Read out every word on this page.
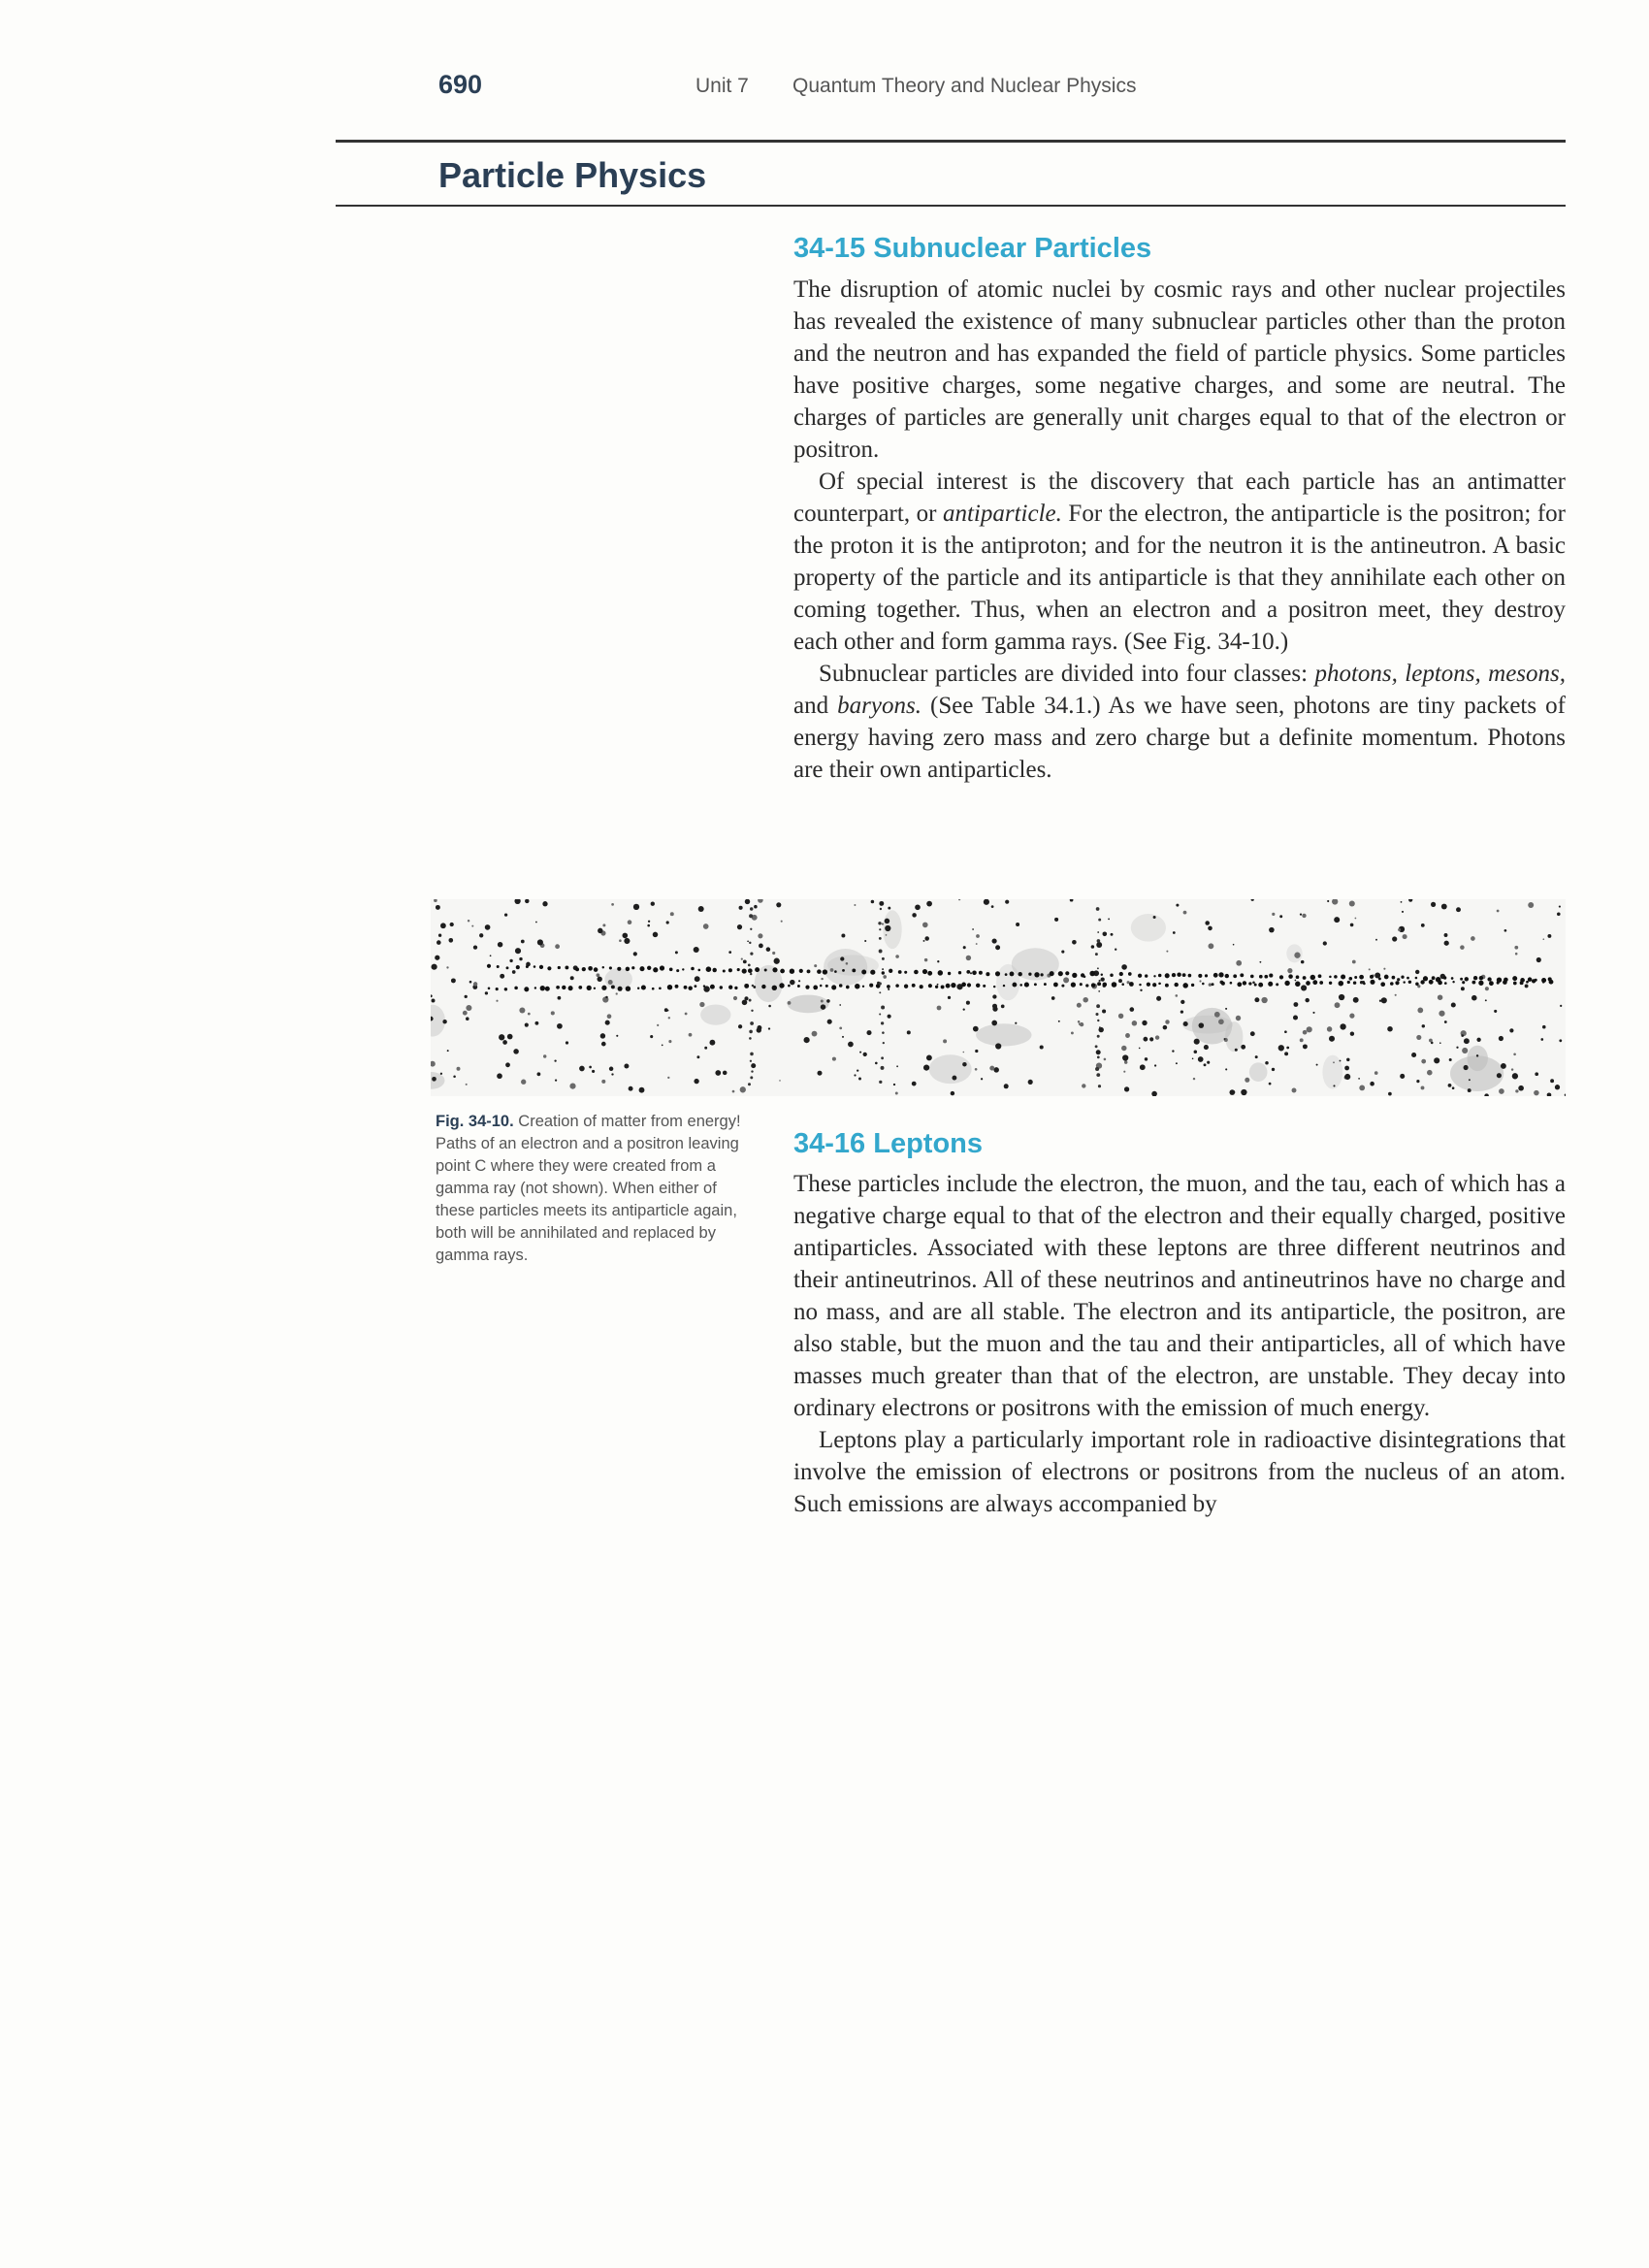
690	Unit 7 Quantum Theory and Nuclear Physics
Particle Physics
34-15 Subnuclear Particles

The disruption of atomic nuclei by cosmic rays and other nuclear projectiles has revealed the existence of many subnuclear particles other than the proton and the neutron and has expanded the field of particle physics. Some particles have positive charges, some negative charges, and some are neutral. The charges of particles are generally unit charges equal to that of the electron or positron.

Of special interest is the discovery that each particle has an antimatter counterpart, or antiparticle. For the electron, the antiparticle is the positron; for the proton it is the antiproton; and for the neutron it is the antineutron. A basic property of the particle and its antiparticle is that they annihilate each other on coming together. Thus, when an electron and a positron meet, they destroy each other and form gamma rays. (See Fig. 34-10.)

Subnuclear particles are divided into four classes: photons, leptons, mesons, and baryons. (See Table 34.1.) As we have seen, photons are tiny packets of energy having zero mass and zero charge but a definite momentum. Photons are their own antiparticles.

Fig. 34-10. Creation of matter from energy! Paths of an electron and a positron leaving point C where they were created from a gamma ray (not shown). When either of these particles meets its antiparticle again, both will be annihilated and replaced by gamma rays.
34-16 Leptons

These particles include the electron, the muon, and the tau, each of which has a negative charge equal to that of the electron and their equally charged, positive antiparticles. Associated with these leptons are three different neutrinos and their antineutrinos. All of these neutrinos and antineutrinos have no charge and no mass, and are all stable. The electron and its antiparticle, the positron, are also stable, but the muon and the tau and their antiparticles, all of which have masses much greater than that of the electron, are unstable. They decay into ordinary electrons or positrons with the emission of much energy.

Leptons play a particularly important role in radioactive disintegrations that involve the emission of electrons or positrons from the nucleus of an atom. Such emissions are always accompanied by
